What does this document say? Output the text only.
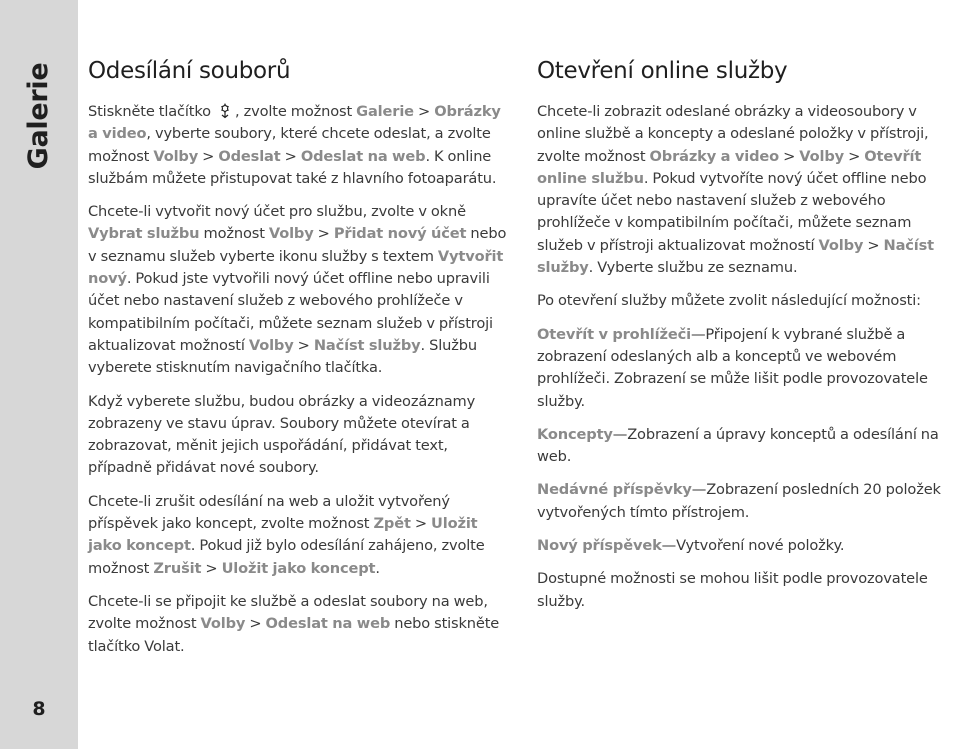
Galerie
8
Odesílání souborů

Stiskněte tlačítko , zvolte možnost Galerie > Obrázky a video, vyberte soubory, které chcete odeslat, a zvolte možnost Volby > Odeslat > Odeslat na web. K online službám můžete přistupovat také z hlavního fotoaparátu.

Chcete-li vytvořit nový účet pro službu, zvolte v okně Vybrat službu možnost Volby > Přidat nový účet nebo v seznamu služeb vyberte ikonu služby s textem Vytvořit nový. Pokud jste vytvořili nový účet offline nebo upravili účet nebo nastavení služeb z webového prohlížeče v kompatibilním počítači, můžete seznam služeb v přístroji aktualizovat možností Volby > Načíst služby. Službu vyberete stisknutím navigačního tlačítka.

Když vyberete službu, budou obrázky a videozáznamy zobrazeny ve stavu úprav. Soubory můžete otevírat a zobrazovat, měnit jejich uspořádání, přidávat text, případně přidávat nové soubory.

Chcete-li zrušit odesílání na web a uložit vytvořený příspěvek jako koncept, zvolte možnost Zpět > Uložit jako koncept. Pokud již bylo odesílání zahájeno, zvolte možnost Zrušit > Uložit jako koncept.

Chcete-li se připojit ke službě a odeslat soubory na web, zvolte možnost Volby > Odeslat na web nebo stiskněte tlačítko Volat.

Otevření online služby

Chcete-li zobrazit odeslané obrázky a videosoubory v online službě a koncepty a odeslané položky v přístroji, zvolte možnost Obrázky a video > Volby > Otevřít online službu. Pokud vytvoříte nový účet offline nebo upravíte účet nebo nastavení služeb z webového prohlížeče v kompatibilním počítači, můžete seznam služeb v přístroji aktualizovat možností Volby > Načíst služby. Vyberte službu ze seznamu.

Po otevření služby můžete zvolit následující možnosti:

Otevřít v prohlížeči—Připojení k vybrané službě a zobrazení odeslaných alb a konceptů ve webovém prohlížeči. Zobrazení se může lišit podle provozovatele služby.

Koncepty—Zobrazení a úpravy konceptů a odesílání na web.

Nedávné příspěvky—Zobrazení posledních 20 položek vytvořených tímto přístrojem.

Nový příspěvek—Vytvoření nové položky.

Dostupné možnosti se mohou lišit podle provozovatele služby.
